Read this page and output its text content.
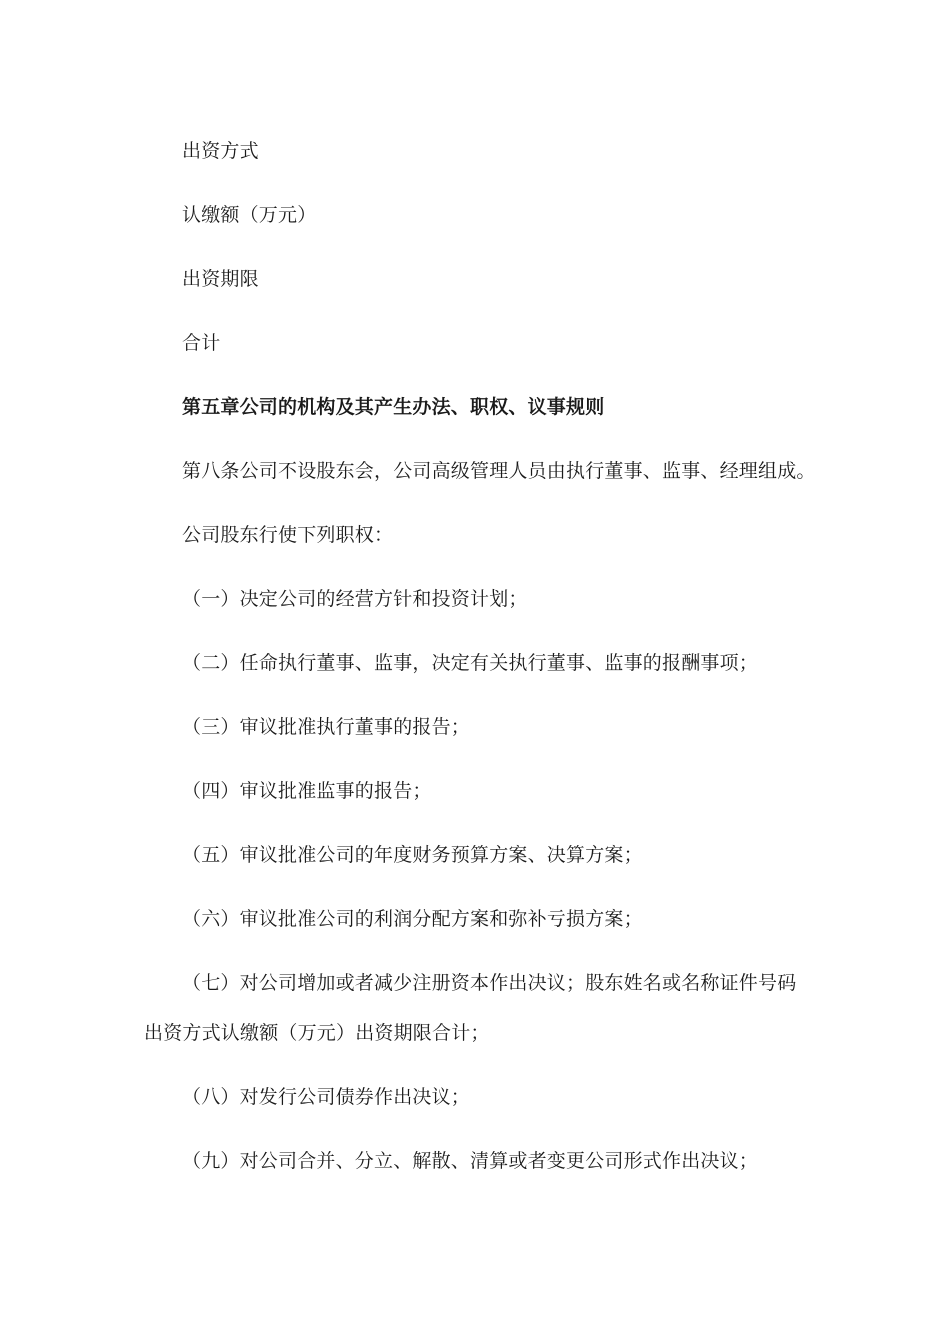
出资方式
认缴额（万元）
出资期限
合计
第五章公司的机构及其产生办法、职权、议事规则
第八条公司不设股东会，公司高级管理人员由执行董事、监事、经理组成。
公司股东行使下列职权：
（一）决定公司的经营方针和投资计划；
（二）任命执行董事、监事，决定有关执行董事、监事的报酬事项；
（三）审议批准执行董事的报告；
（四）审议批准监事的报告；
（五）审议批准公司的年度财务预算方案、决算方案；
（六）审议批准公司的利润分配方案和弥补亏损方案；
（七）对公司增加或者减少注册资本作出决议；股东姓名或名称证件号码
出资方式认缴额（万元）出资期限合计；
（八）对发行公司债券作出决议；
（九）对公司合并、分立、解散、清算或者变更公司形式作出决议；
